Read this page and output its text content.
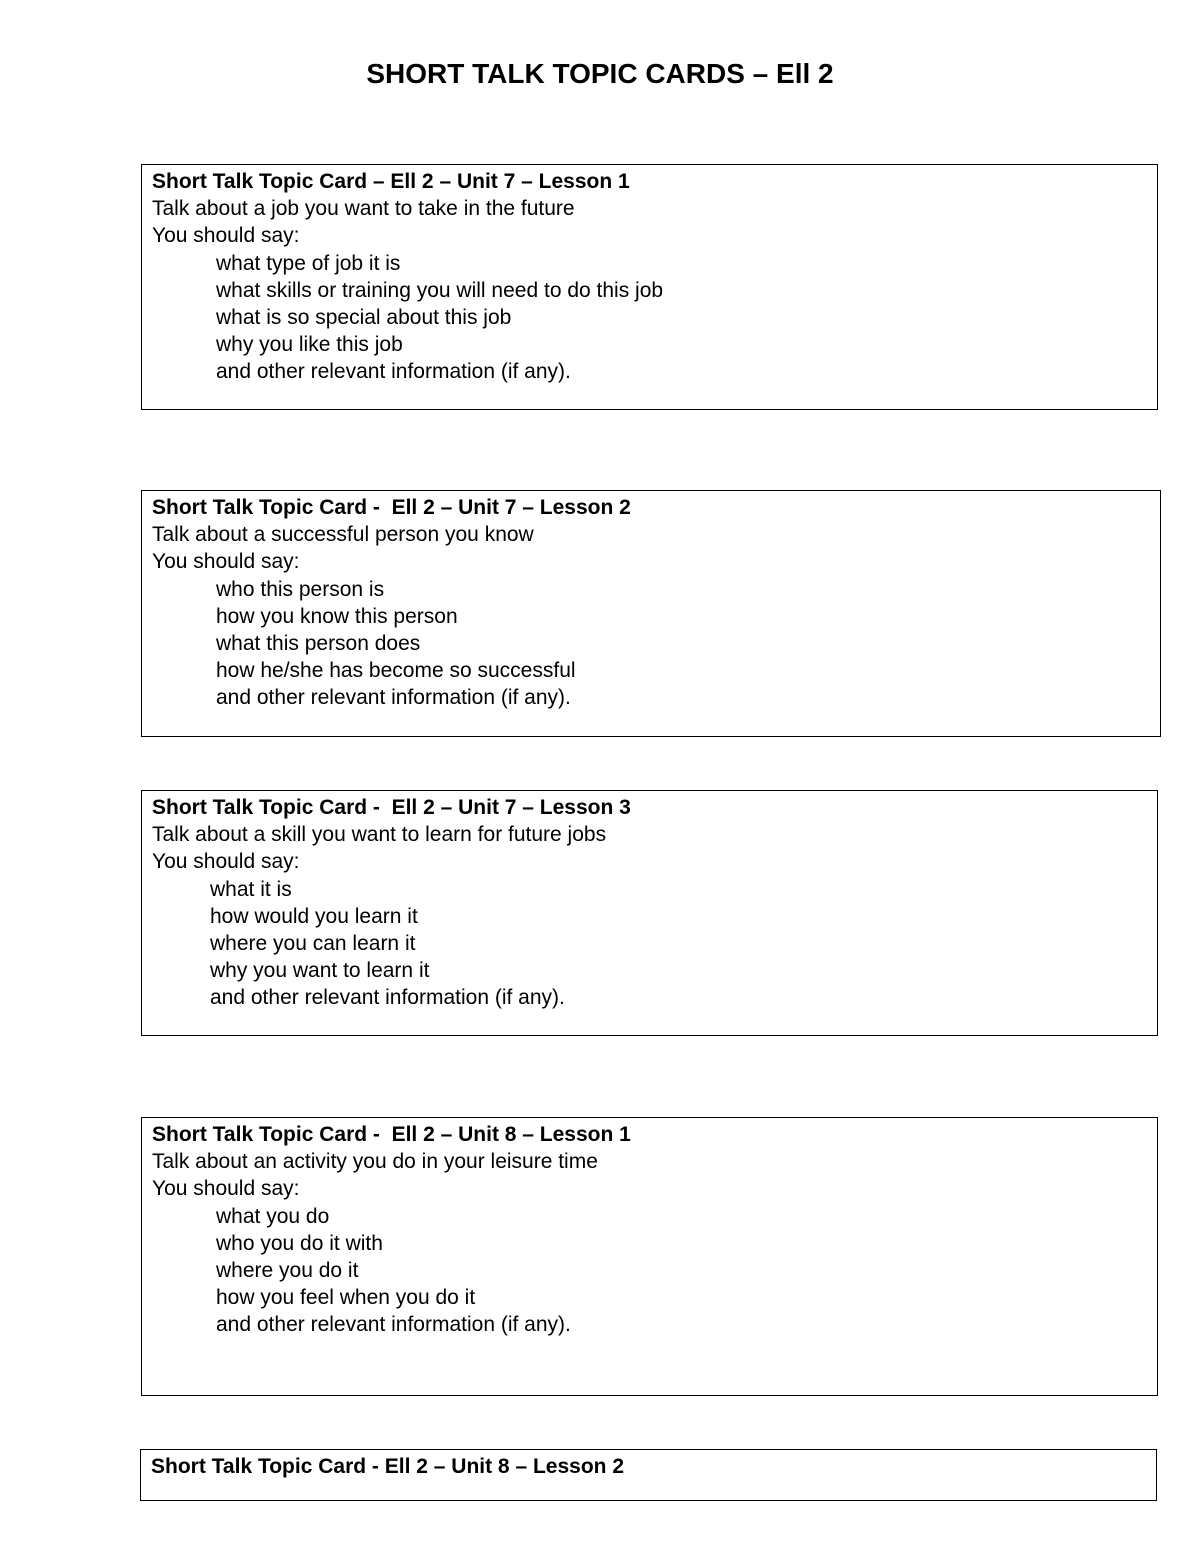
SHORT TALK TOPIC CARDS – Ell 2

Short Talk Topic Card – Ell 2 – Unit 7 – Lesson 1

Talk about a job you want to take in the future

You should say:

what type of job it is
what skills or training you will need to do this job
what is so special about this job
why you like this job
and other relevant information (if any).

Short Talk Topic Card -  Ell 2 – Unit 7 – Lesson 2

Talk about a successful person you know

You should say:

who this person is
how you know this person
what this person does
how he/she has become so successful
and other relevant information (if any).

Short Talk Topic Card -  Ell 2 – Unit 7 – Lesson 3

Talk about a skill you want to learn for future jobs

You should say:

what it is
how would you learn it
where you can learn it
why you want to learn it
and other relevant information (if any).

Short Talk Topic Card -  Ell 2 – Unit 8 – Lesson 1

Talk about an activity you do in your leisure time

You should say:

what you do
who you do it with
where you do it
how you feel when you do it
and other relevant information (if any).

Short Talk Topic Card - Ell 2 – Unit 8 – Lesson 2
